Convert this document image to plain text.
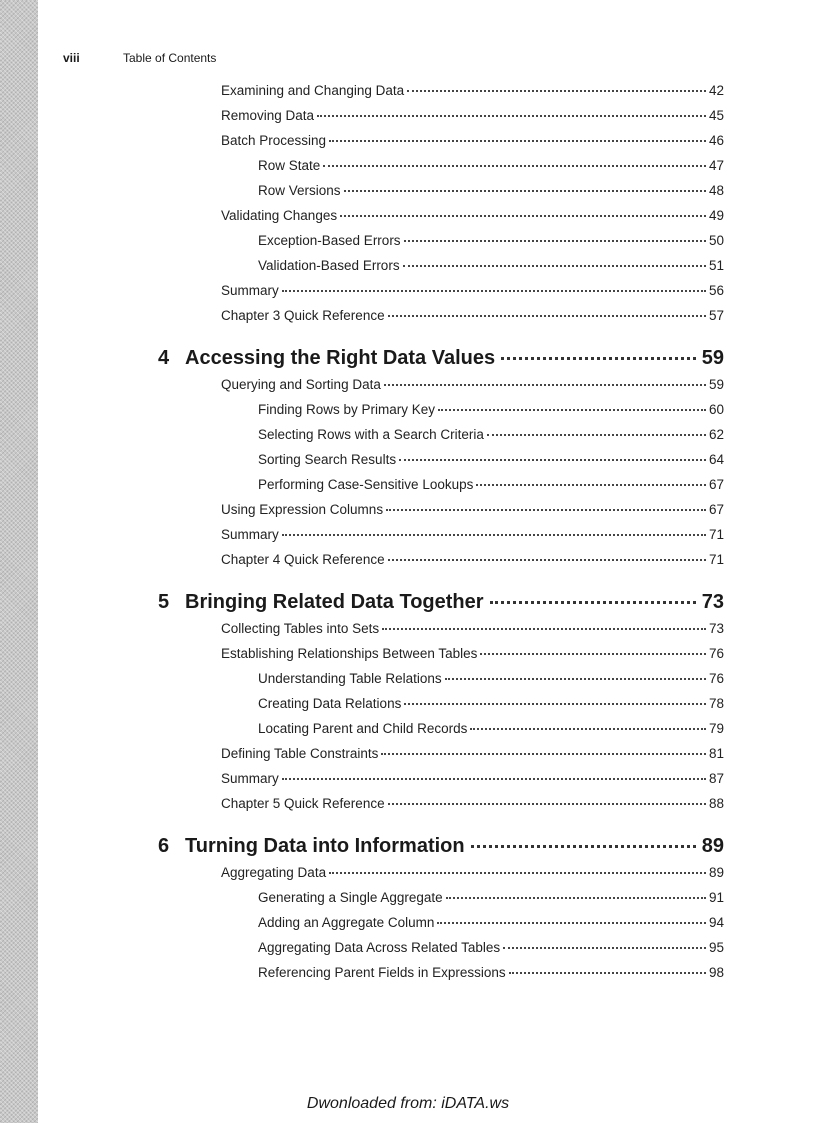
viii	Table of Contents
Examining and Changing Data	42
Removing Data	45
Batch Processing	46
Row State	47
Row Versions	48
Validating Changes	49
Exception-Based Errors	50
Validation-Based Errors	51
Summary	56
Chapter 3 Quick Reference	57
4 Accessing the Right Data Values	59
Querying and Sorting Data	59
Finding Rows by Primary Key	60
Selecting Rows with a Search Criteria	62
Sorting Search Results	64
Performing Case-Sensitive Lookups	67
Using Expression Columns	67
Summary	71
Chapter 4 Quick Reference	71
5 Bringing Related Data Together	73
Collecting Tables into Sets	73
Establishing Relationships Between Tables	76
Understanding Table Relations	76
Creating Data Relations	78
Locating Parent and Child Records	79
Defining Table Constraints	81
Summary	87
Chapter 5 Quick Reference	88
6 Turning Data into Information	89
Aggregating Data	89
Generating a Single Aggregate	91
Adding an Aggregate Column	94
Aggregating Data Across Related Tables	95
Referencing Parent Fields in Expressions	98
Dwonloaded from: iDATA.ws
